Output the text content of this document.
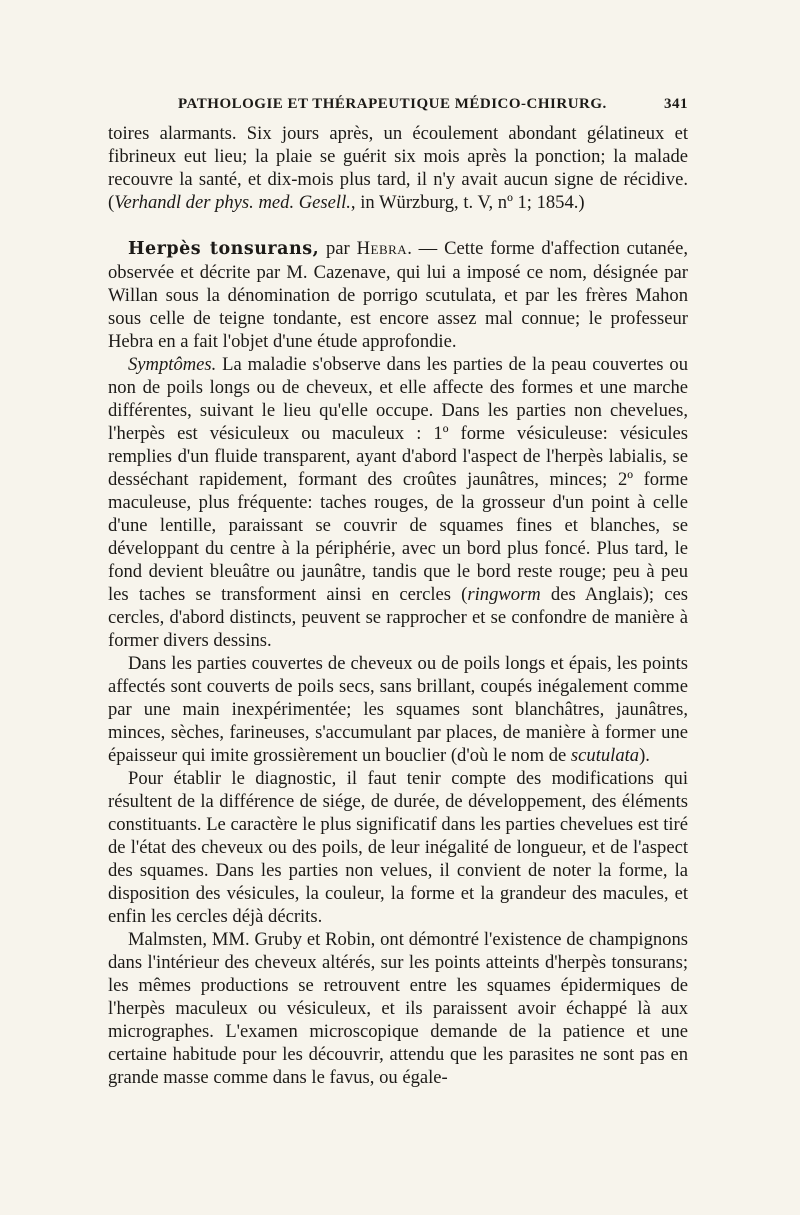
PATHOLOGIE ET THÉRAPEUTIQUE MÉDICO-CHIRURG.	341

toires alarmants. Six jours après, un écoulement abondant gélatineux et fibrineux eut lieu; la plaie se guérit six mois après la ponction; la malade recouvre la santé, et dix-mois plus tard, il n'y avait aucun signe de récidive. (Verhandl der phys. med. Gesell., in Würzburg, t. V, nº 1; 1854.)

Herpès tonsurans, par Hebra. — Cette forme d'affection cutanée, observée et décrite par M. Cazenave, qui lui a imposé ce nom, désignée par Willan sous la dénomination de porrigo scutulata, et par les frères Mahon sous celle de teigne tondante, est encore assez mal connue; le professeur Hebra en a fait l'objet d'une étude approfondie.

Symptômes. La maladie s'observe dans les parties de la peau couvertes ou non de poils longs ou de cheveux, et elle affecte des formes et une marche différentes, suivant le lieu qu'elle occupe. Dans les parties non chevelues, l'herpès est vésiculeux ou maculeux : 1º forme vésiculeuse: vésicules remplies d'un fluide transparent, ayant d'abord l'aspect de l'herpès labialis, se desséchant rapidement, formant des croûtes jaunâtres, minces; 2º forme maculeuse, plus fréquente: taches rouges, de la grosseur d'un point à celle d'une lentille, paraissant se couvrir de squames fines et blanches, se développant du centre à la périphérie, avec un bord plus foncé. Plus tard, le fond devient bleuâtre ou jaunâtre, tandis que le bord reste rouge; peu à peu les taches se transforment ainsi en cercles (ringworm des Anglais); ces cercles, d'abord distincts, peuvent se rapprocher et se confondre de manière à former divers dessins.

Dans les parties couvertes de cheveux ou de poils longs et épais, les points affectés sont couverts de poils secs, sans brillant, coupés inégalement comme par une main inexpérimentée; les squames sont blanchâtres, jaunâtres, minces, sèches, farineuses, s'accumulant par places, de manière à former une épaisseur qui imite grossièrement un bouclier (d'où le nom de scutulata).

Pour établir le diagnostic, il faut tenir compte des modifications qui résultent de la différence de siége, de durée, de développement, des éléments constituants. Le caractère le plus significatif dans les parties chevelues est tiré de l'état des cheveux ou des poils, de leur inégalité de longueur, et de l'aspect des squames. Dans les parties non velues, il convient de noter la forme, la disposition des vésicules, la couleur, la forme et la grandeur des macules, et enfin les cercles déjà décrits.

Malmsten, MM. Gruby et Robin, ont démontré l'existence de champignons dans l'intérieur des cheveux altérés, sur les points atteints d'herpès tonsurans; les mêmes productions se retrouvent entre les squames épidermiques de l'herpès maculeux ou vésiculeux, et ils paraissent avoir échappé là aux micrographes. L'examen microscopique demande de la patience et une certaine habitude pour les découvrir, attendu que les parasites ne sont pas en grande masse comme dans le favus, ou égale-
